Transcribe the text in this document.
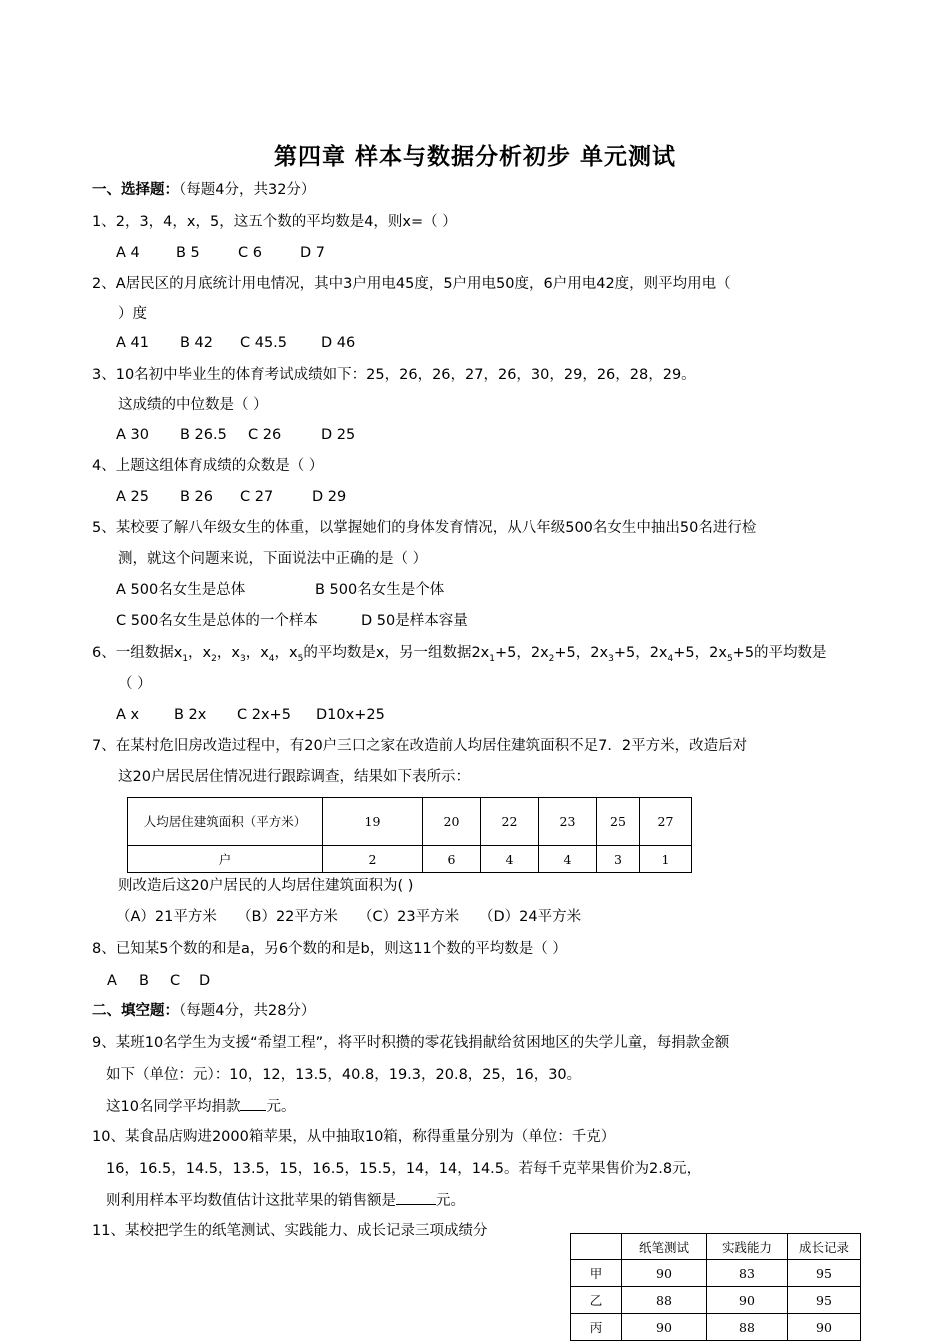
第四章 样本与数据分析初步 单元测试
一、选择题：（每题4分，共32分）
1、2，3，4，x，5，这五个数的平均数是4，则x=（ ）
A 4 B 5	C 6	D 7
2、A居民区的月底统计用电情况，其中3户用电45度，5户用电50度，6户用电42度，则平均用电（
）度
A 41 B 42 C 45.5 D 46
3、10名初中毕业生的体育考试成绩如下：25，26，26，27，26，30，29，26，28，29。
这成绩的中位数是（ ）
A 30 B 26.5 C 26	D 25
4、上题这组体育成绩的众数是（ ）
A 25 B 26 C 27	D 29
5、某校要了解八年级女生的体重，以掌握她们的身体发育情况，从八年级500名女生中抽出50名进行检
测，就这个问题来说，下面说法中正确的是（ ）
A 500名女生是总体	B 500名女生是个体
C 500名女生是总体的一个样本	D 50是样本容量
6、一组数据$x_1$，$x_2$，$x_3$，$x_4$，$x_5$的平均数是x，另一组数据$2x_1+5$，$2x_2+5$，$2x_3+5$，$2x_4+5$，$2x_5+5$的平均数是
（ ）
A x B 2x C 2x+5 D10x+25
7、在某村危旧房改造过程中，有20户三口之家在改造前人均居住建筑面积不足7．2平方米，改造后对
这20户居民居住情况进行跟踪调查，结果如下表所示：
人均居住建筑面积（平方米）	19	20	22	23	25	27
户	2	6	4	4	3	1
则改造后这20户居民的人均居住建筑面积为( )
（A）21平方米 （B）22平方米 （C）23平方米 （D）24平方米
8、已知某5个数的和是a，另6个数的和是b，则这11个数的平均数是（ ）
A B C D
二、填空题：（每题4分，共28分）
9、某班10名学生为支援“希望工程”，将平时积攒的零花钱捐献给贫困地区的失学儿童，每捐款金额
如下（单位：元）：10，12，13.5，40.8，19.3，20.8，25，16，30。
这10名同学平均捐款 元。
10、某食品店购进2000箱苹果，从中抽取10箱，称得重量分别为（单位：千克）
16，16.5，14.5，13.5，15，16.5，15.5，14，14，14.5。若每千克苹果售价为2.8元，
则利用样本平均数值估计这批苹果的销售额是	元。
11、某校把学生的纸笔测试、实践能力、成长记录三项成绩分
	纸笔测试	实践能力	成长记录
甲	90	83	95
乙	88	90	95
丙	90	88	90
